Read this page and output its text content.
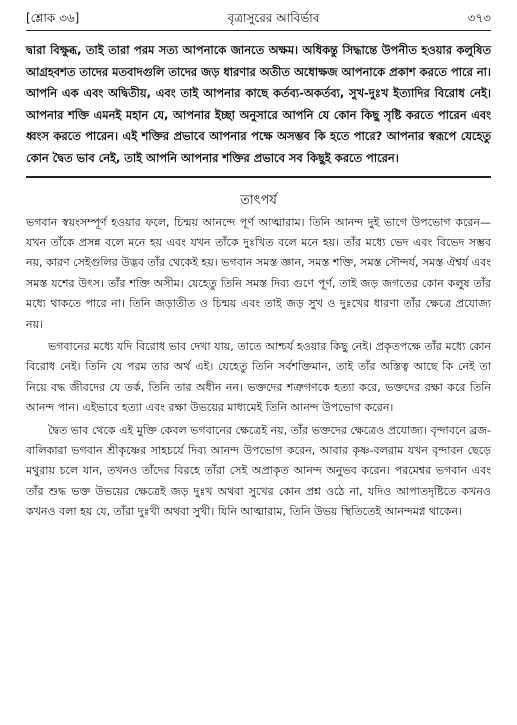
[শ্লোক ৩৬]	বৃত্রাসুরের আবির্ভাব	৩৭৩

দ্বারা বিক্ষুব্ধ, তাই তারা পরম সত্য আপনাকে জানতে অক্ষম। অধিকন্তু সিদ্ধান্তে উপনীত হওয়ার কলুষিত আগ্রহবশত তাদের মতবাদগুলি তাদের জড় ধারণার অতীত অধোক্ষজ আপনাকে প্রকাশ করতে পারে না। আপনি এক এবং অদ্বিতীয়, এবং তাই আপনার কাছে কর্তব্য-অকর্তব্য, সুখ-দুঃখ ইত্যাদির বিরোধ নেই। আপনার শক্তি এমনই মহান যে, আপনার ইচ্ছা অনুসারে আপনি যে কোন কিছু সৃষ্টি করতে পারেন এবং ধ্বংস করতে পারেন। এই শক্তির প্রভাবে আপনার পক্ষে অসম্ভব কি হতে পারে? আপনার স্বরূপে যেহেতু কোন দ্বৈত ভাব নেই, তাই আপনি আপনার শক্তির প্রভাবে সব কিছুই করতে পারেন।

তাৎপর্য

ভগবান স্বয়ংসম্পূর্ণ হওয়ার ফলে, চিন্ময় আনন্দে পূর্ণ আত্মারাম। তিনি আনন্দ দুই ভাগে উপভোগ করেন—যখন তাঁকে প্রসন্ন বলে মনে হয় এবং যখন তাঁকে দুঃখিত বলে মনে হয়। তাঁর মধ্যে ভেদ এবং বিভেদ সম্ভব নয়, কারণ সেইগুলির উদ্ভব তাঁর থেকেই হয়। ভগবান সমস্ত জ্ঞান, সমস্ত শক্তি, সমস্ত সৌন্দর্য, সমস্ত ঐশ্বর্য এবং সমস্ত যশের উৎস। তাঁর শক্তি অসীম। যেহেতু তিনি সমস্ত দিব্য গুণে পূর্ণ, তাই জড় জগতের কোন কলুষ তাঁর মধ্যে থাকতে পারে না। তিনি জড়াতীত ও চিন্ময় এবং তাই জড় সুখ ও দুঃখের ধারণা তাঁর ক্ষেত্রে প্রযোজ্য নয়।

ভগবানের মধ্যে যদি বিরোধ ভাব দেখা যায়, তাতে আশ্চর্য হওয়ার কিছু নেই। প্রকৃতপক্ষে তাঁর মধ্যে কোন বিরোধ নেই। তিনি যে পরম তার অর্থ এই। যেহেতু তিনি সর্বশক্তিমান, তাই তাঁর অস্তিত্ব আছে কি নেই তা নিয়ে বদ্ধ জীবদের যে তর্ক, তিনি তার অধীন নন। ভক্তদের শত্রুগণকে হত্যা করে, ভক্তদের রক্ষা করে তিনি আনন্দ পান। এইভাবে হত্যা এবং রক্ষা উভয়ের মাধ্যমেই তিনি আনন্দ উপভোগ করেন।

দ্বৈত ভাব থেকে এই মুক্তি কেবল ভগবানের ক্ষেত্রেই নয়, তাঁর ভক্তদের ক্ষেত্রেও প্রযোজ্য। বৃন্দাবনে ব্রজ-বালিকারা ভগবান শ্রীকৃষ্ণের সাহচর্যে দিব্য আনন্দ উপভোগ করেন, আবার কৃষ্ণ-বলরাম যখন বৃন্দাবন ছেড়ে মথুরায় চলে যান, তখনও তাঁদের বিরহে তাঁরা সেই অপ্রাকৃত আনন্দ অনুভব করেন। পরমেশ্বর ভগবান এবং তাঁর শুদ্ধ ভক্ত উভয়ের ক্ষেত্রেই জড় দুঃখ অথবা সুখের কোন প্রশ্ন ওঠে না, যদিও আপাতদৃষ্টিতে কখনও কখনও বলা হয় যে, তাঁরা দুঃখী অথবা সুখী। যিনি আত্মারাম, তিনি উভয় স্থিতিতেই আনন্দমগ্ন থাকেন।
